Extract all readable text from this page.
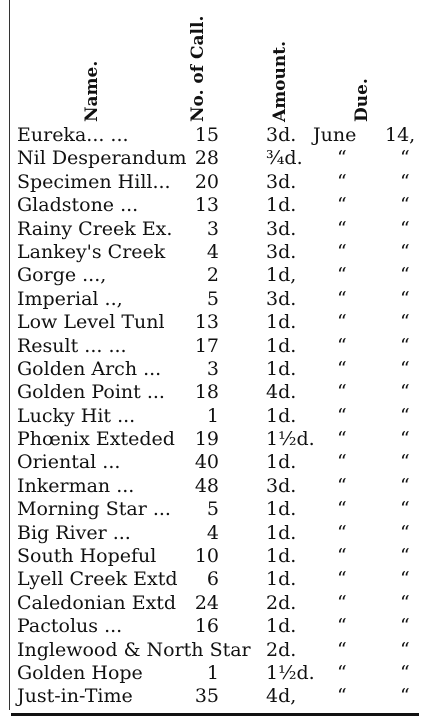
Name.	No. of Call.	Amount.	Due.
Eureka... ...	15 3d. June 14,
Nil Desperandum 28 ¾d. “	“
Specimen Hill...	20 3d. “	“
Gladstone ...	13 1d. “	“
Rainy Creek Ex.	3 3d. “	“
Lankey's Creek	4 3d. “	“
Gorge ...,	2 1d, “	“
Imperial ..,	5 3d. “	“
Low Level Tunl	13 1d. “	“
Result ... ...	17 1d. “	“
Golden Arch ...	3 1d. “	“
Golden Point ...	18 4d. “	“
Lucky Hit ...	1 1d. “	“
Phœnix Exteded	19 1½d. “	“
Oriental ...	40 1d. “	“
Inkerman ...	48 3d. “	“
Morning Star ...	5 1d. “	“
Big River ...	4 1d. “	“
South Hopeful	10 1d. “	“
Lyell Creek Extd	6 1d. “	“
Caledonian Extd 24 2d. “	“
Pactolus ...	16 1d. “	“
Inglewood & North Star 2d. “	“
Golden Hope	1 1½d. “	“
Just-in-Time	35 4d, “	“
